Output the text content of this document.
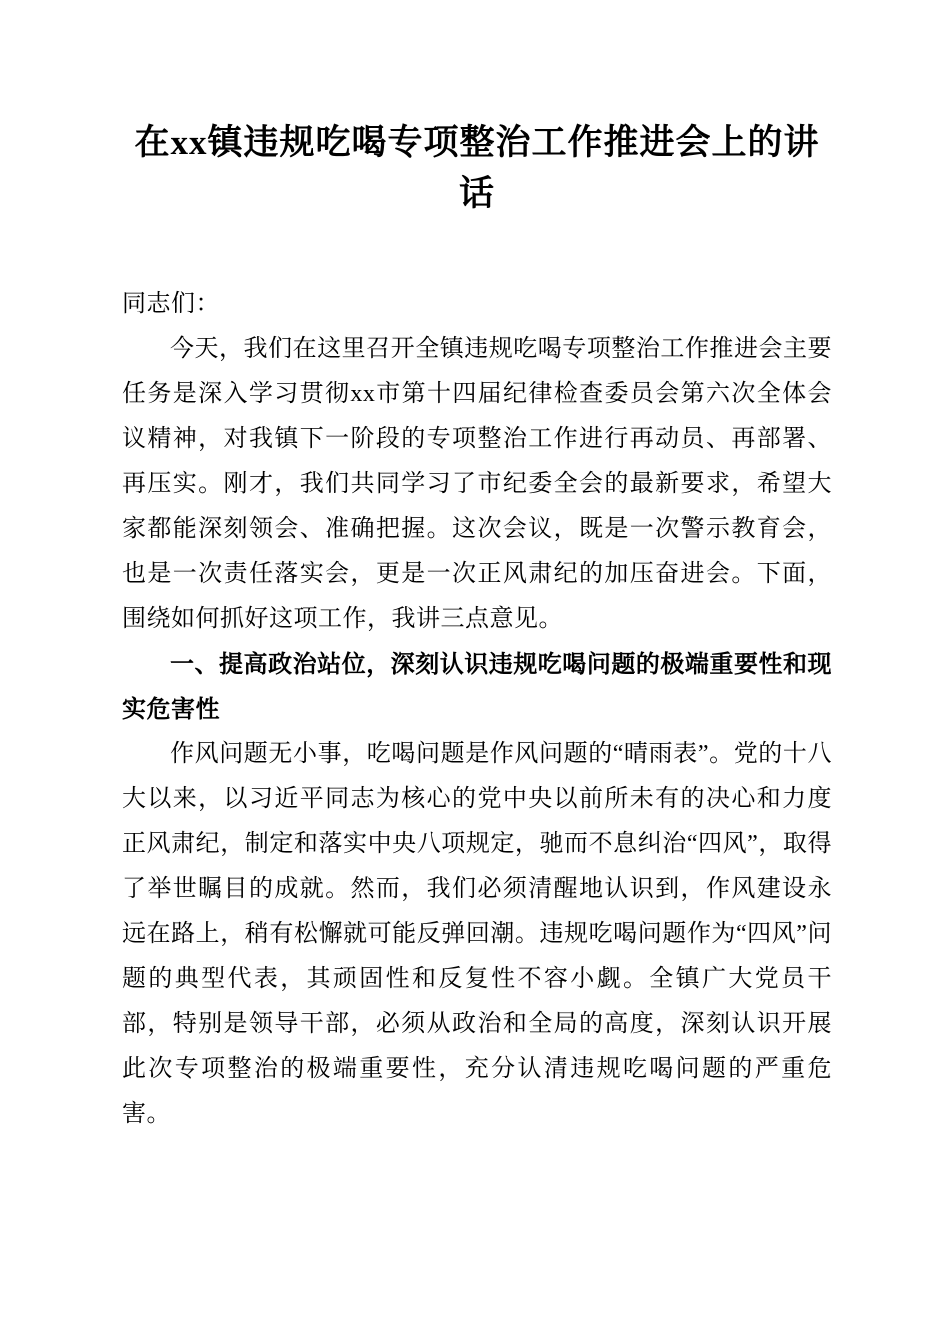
在xx镇违规吃喝专项整治工作推进会上的讲话

同志们：

今天，我们在这里召开全镇违规吃喝专项整治工作推进会主要任务是深入学习贯彻xx市第十四届纪律检查委员会第六次全体会议精神，对我镇下一阶段的专项整治工作进行再动员、再部署、再压实。刚才，我们共同学习了市纪委全会的最新要求，希望大家都能深刻领会、准确把握。这次会议，既是一次警示教育会，也是一次责任落实会，更是一次正风肃纪的加压奋进会。下面，围绕如何抓好这项工作，我讲三点意见。

一、提高政治站位，深刻认识违规吃喝问题的极端重要性和现实危害性

作风问题无小事，吃喝问题是作风问题的“晴雨表”。党的十八大以来，以习近平同志为核心的党中央以前所未有的决心和力度正风肃纪，制定和落实中央八项规定，驰而不息纠治“四风”，取得了举世瞩目的成就。然而，我们必须清醒地认识到，作风建设永远在路上，稍有松懈就可能反弹回潮。违规吃喝问题作为“四风”问题的典型代表，其顽固性和反复性不容小觑。全镇广大党员干部，特别是领导干部，必须从政治和全局的高度，深刻认识开展此次专项整治的极端重要性，充分认清违规吃喝问题的严重危害。
